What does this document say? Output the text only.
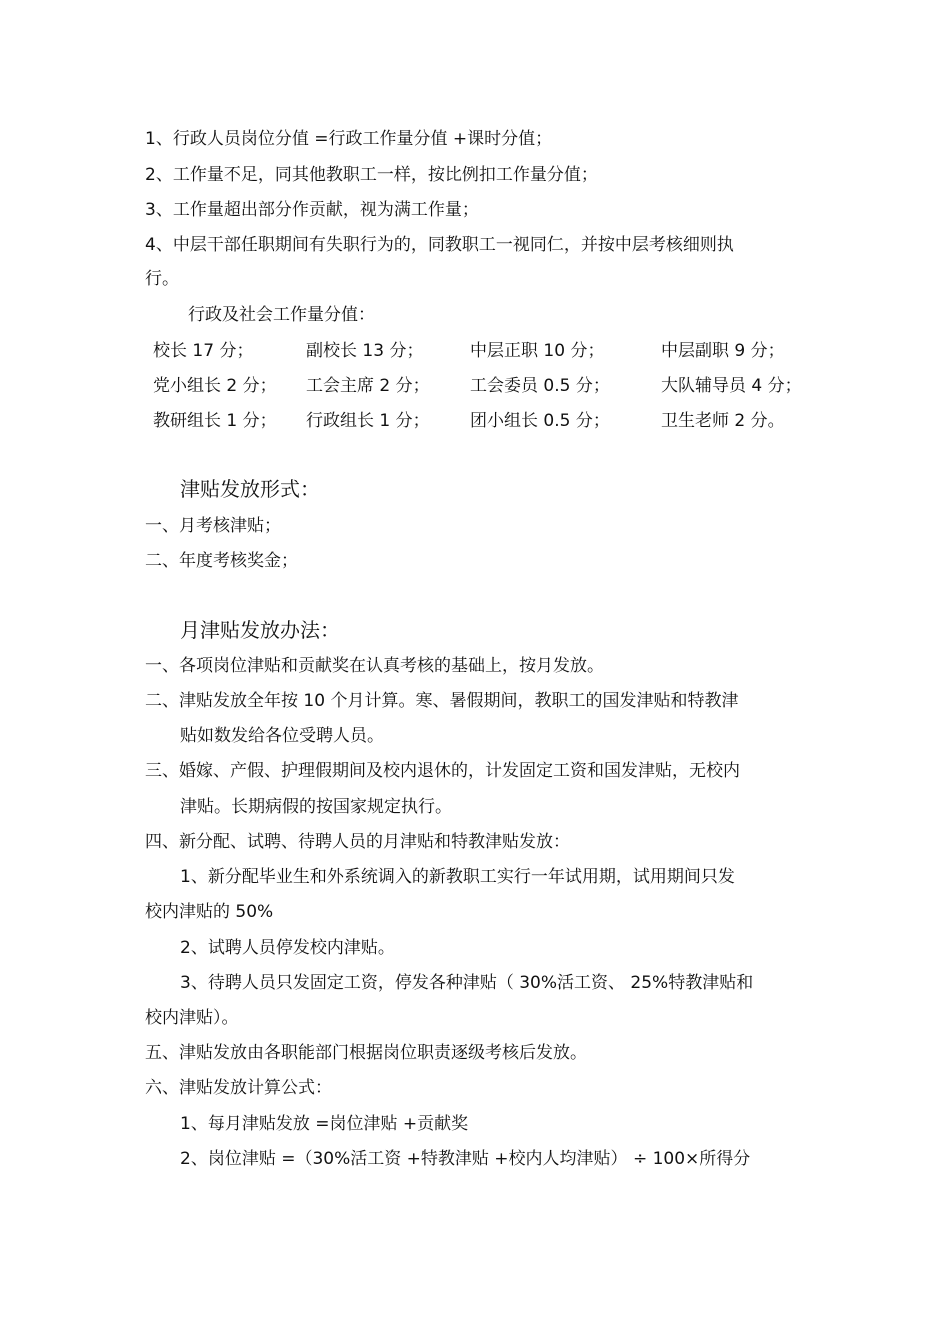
1、行政人员岗位分值 =行政工作量分值 +课时分值；
2、工作量不足，同其他教职工一样，按比例扣工作量分值；
3、工作量超出部分作贡献，视为满工作量；
4、中层干部任职期间有失职行为的，同教职工一视同仁，并按中层考核细则执
行。
行政及社会工作量分值：
校长 17 分；	副校长 13 分；	中层正职 10 分；	中层副职 9 分；
党小组长 2 分； 工会主席 2 分； 工会委员 0.5 分；	大队辅导员 4 分；
教研组长 1 分； 行政组长 1 分； 团小组长 0.5 分；	卫生老师 2 分。
津贴发放形式：
一、月考核津贴；
二、年度考核奖金；
月津贴发放办法：
一、各项岗位津贴和贡献奖在认真考核的基础上，按月发放。
二、津贴发放全年按 10 个月计算。寒、暑假期间，教职工的国发津贴和特教津
贴如数发给各位受聘人员。
三、婚嫁、产假、护理假期间及校内退休的，计发固定工资和国发津贴，无校内
津贴。长期病假的按国家规定执行。
四、新分配、试聘、待聘人员的月津贴和特教津贴发放：
1、新分配毕业生和外系统调入的新教职工实行一年试用期，试用期间只发
校内津贴的 50%
2、试聘人员停发校内津贴。
3、待聘人员只发固定工资，停发各种津贴（ 30%活工资、 25%特教津贴和
校内津贴）。
五、津贴发放由各职能部门根据岗位职责逐级考核后发放。
六、津贴发放计算公式：
1、每月津贴发放 =岗位津贴 +贡献奖
2、岗位津贴 =（30%活工资 +特教津贴 +校内人均津贴） ÷ 100×所得分
